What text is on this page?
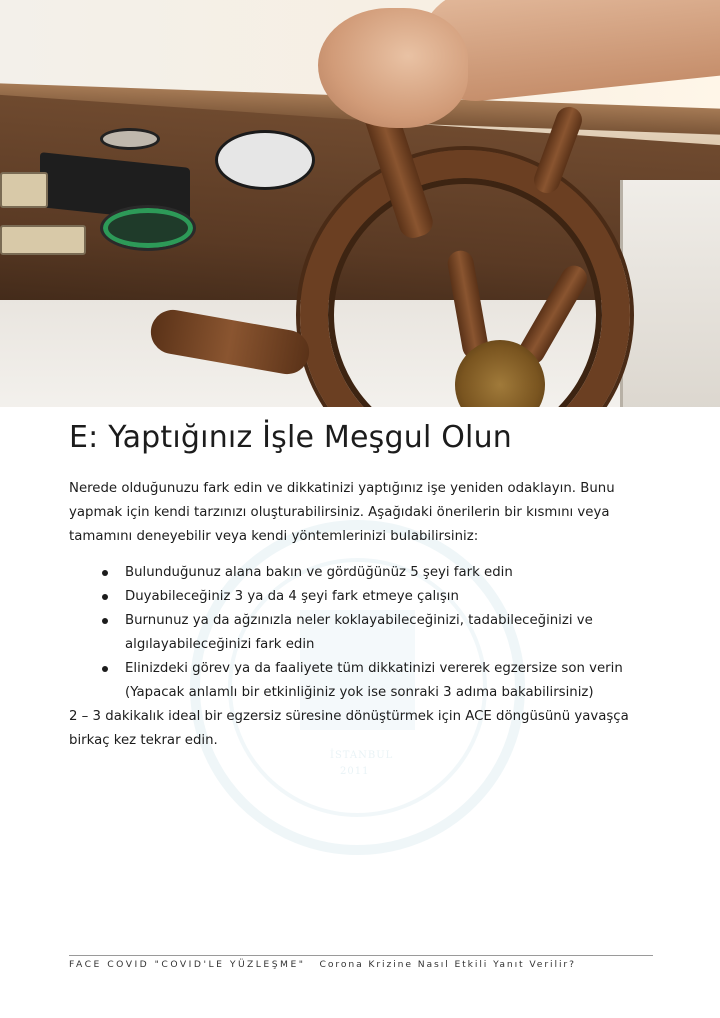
İSTANBUL
2011
E: Yaptığınız İşle Meşgul Olun

Nerede olduğunuzu fark edin ve dikkatinizi yaptığınız işe yeniden odaklayın. Bunu yapmak için kendi tarzınızı oluşturabilirsiniz. Aşağıdaki önerilerin bir kısmını veya tamamını deneyebilir veya kendi yöntemlerinizi bulabilirsiniz:

Bulunduğunuz alana bakın ve gördüğünüz 5 şeyi fark edin
Duyabileceğiniz 3 ya da 4 şeyi fark etmeye çalışın
Burnunuz ya da ağzınızla neler koklayabileceğinizi, tadabileceğinizi ve algılayabileceğinizi fark edin
Elinizdeki görev ya da faaliyete tüm dikkatinizi vererek egzersize son verin (Yapacak anlamlı bir etkinliğiniz yok ise sonraki 3 adıma bakabilirsiniz)

2 – 3 dakikalık ideal bir egzersiz süresine dönüştürmek için ACE döngüsünü yavaşça birkaç kez tekrar edin.

FACE COVID "COVID'LE YÜZLEŞME" Corona Krizine Nasıl Etkili Yanıt Verilir?
